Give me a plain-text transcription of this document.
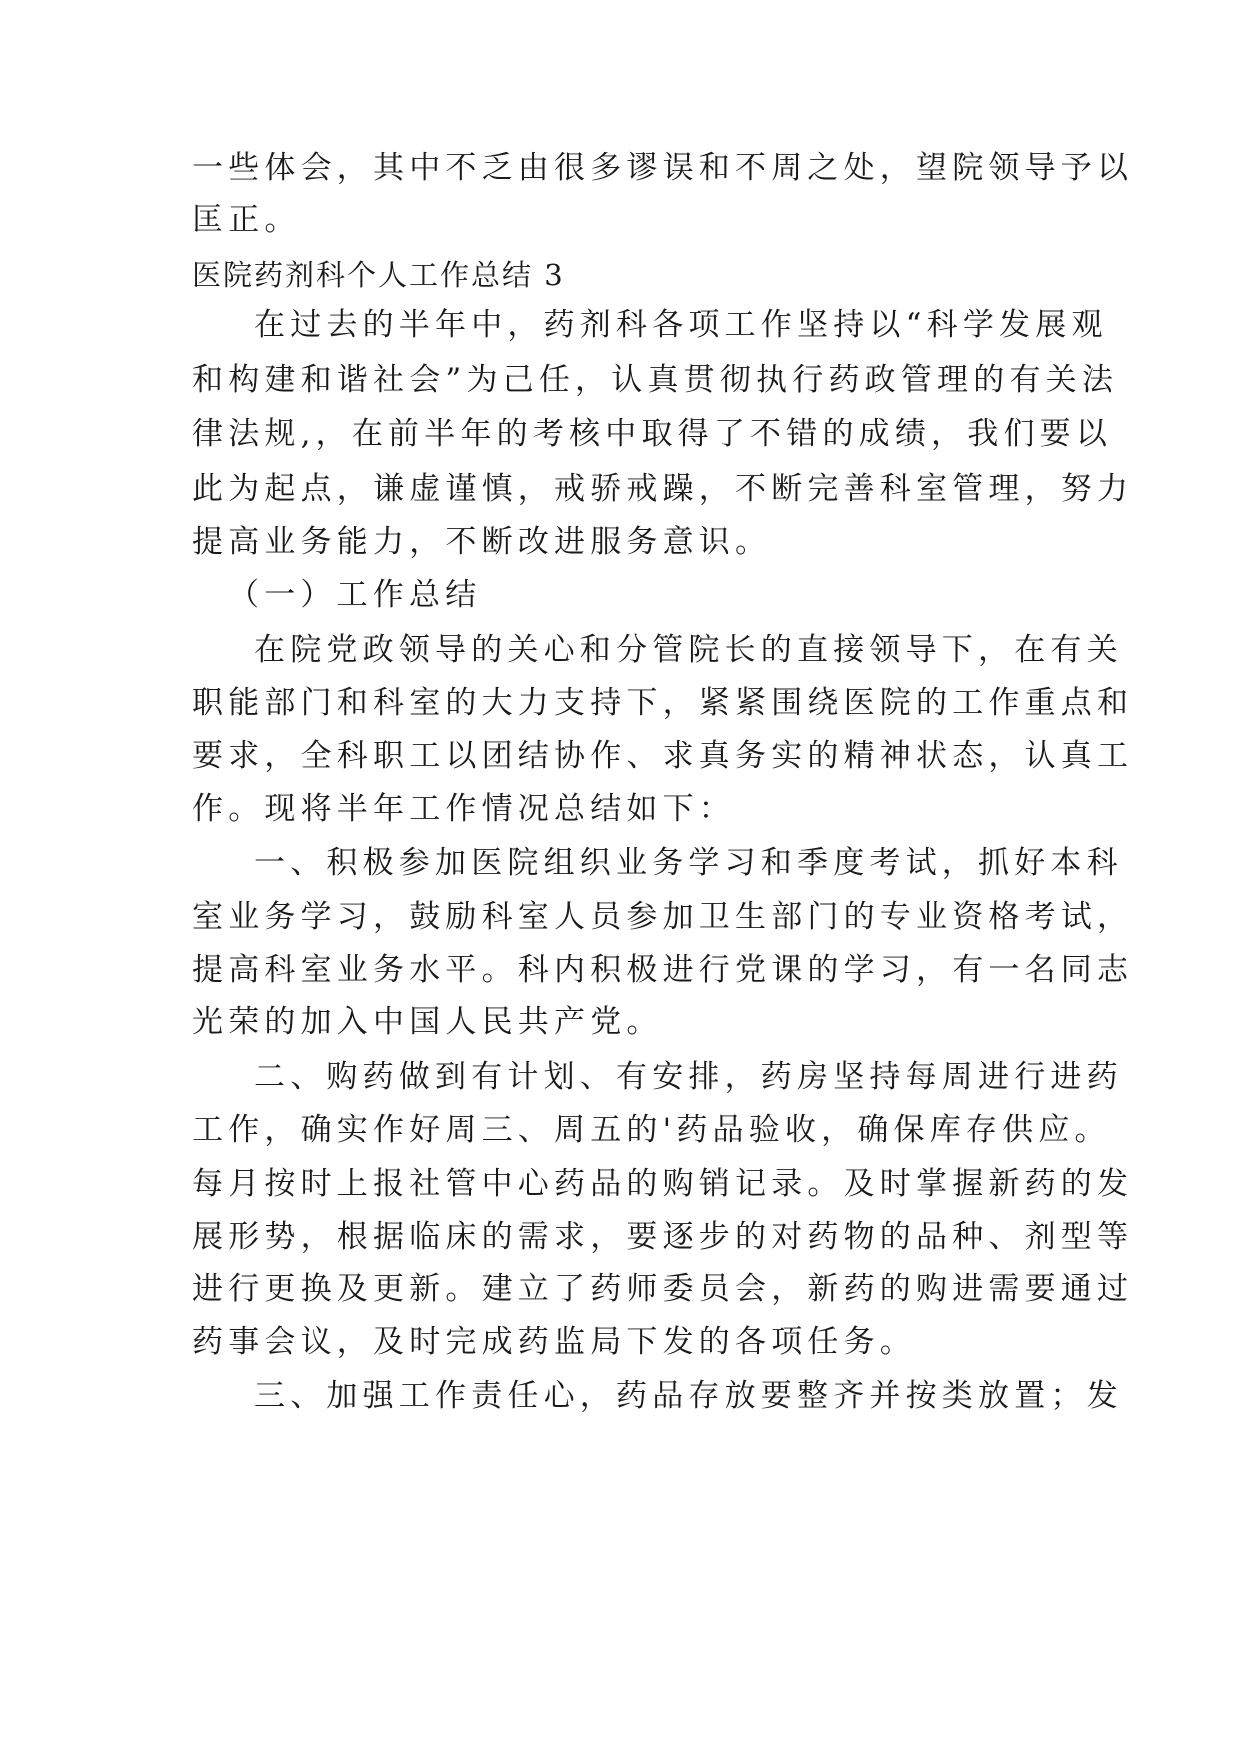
一些体会，其中不乏由很多谬误和不周之处，望院领导予以
匡正。
医院药剂科个人工作总结 3
在过去的半年中，药剂科各项工作坚持以“科学发展观
和构建和谐社会”为己任，认真贯彻执行药政管理的有关法
律法规,，在前半年的考核中取得了不错的成绩，我们要以
此为起点，谦虚谨慎，戒骄戒躁，不断完善科室管理，努力
提高业务能力，不断改进服务意识。
（一）工作总结
在院党政领导的关心和分管院长的直接领导下，在有关
职能部门和科室的大力支持下，紧紧围绕医院的工作重点和
要求，全科职工以团结协作、求真务实的精神状态，认真工
作。现将半年工作情况总结如下：
一、积极参加医院组织业务学习和季度考试，抓好本科
室业务学习，鼓励科室人员参加卫生部门的专业资格考试，
提高科室业务水平。科内积极进行党课的学习，有一名同志
光荣的加入中国人民共产党。
二、购药做到有计划、有安排，药房坚持每周进行进药
工作，确实作好周三、周五的'药品验收，确保库存供应。
每月按时上报社管中心药品的购销记录。及时掌握新药的发
展形势，根据临床的需求，要逐步的对药物的品种、剂型等
进行更换及更新。建立了药师委员会，新药的购进需要通过
药事会议，及时完成药监局下发的各项任务。
三、加强工作责任心，药品存放要整齐并按类放置；发
